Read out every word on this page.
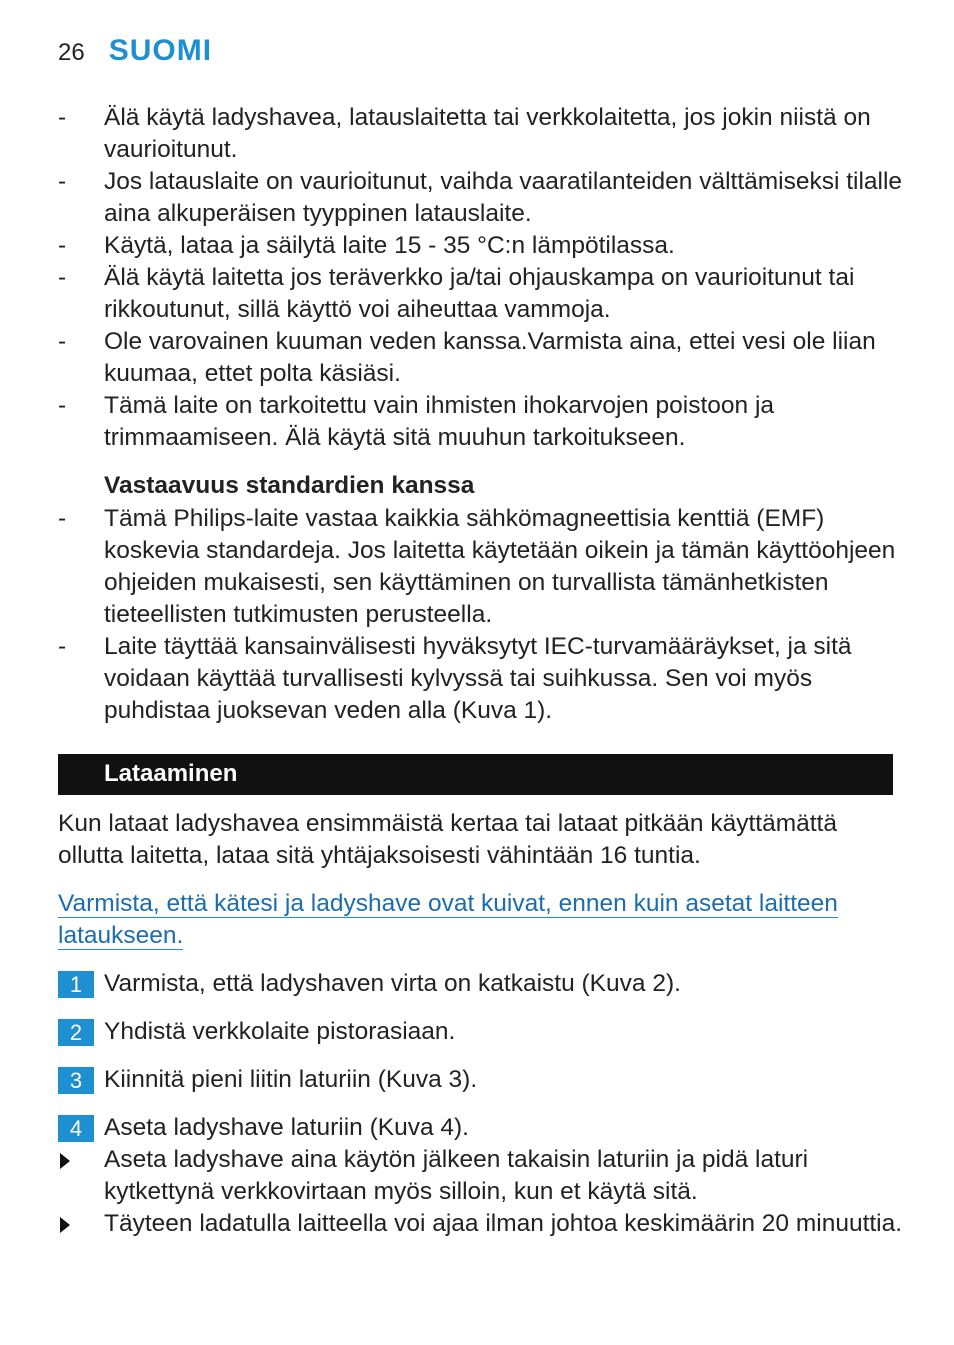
26 SUOMI
- Älä käytä ladyshavea, latauslaitetta tai verkkolaitetta, jos jokin niistä on vaurioitunut.
- Jos latauslaite on vaurioitunut, vaihda vaaratilanteiden välttämiseksi tilalle aina alkuperäisen tyyppinen latauslaite.
- Käytä, lataa ja säilytä laite 15 - 35 °C:n lämpötilassa.
- Älä käytä laitetta jos teräverkko ja/tai ohjauskampa on vaurioitunut tai rikkoutunut, sillä käyttö voi aiheuttaa vammoja.
- Ole varovainen kuuman veden kanssa.Varmista aina, ettei vesi ole liian kuumaa, ettet polta käsiäsi.
- Tämä laite on tarkoitettu vain ihmisten ihokarvojen poistoon ja trimmaamiseen. Älä käytä sitä muuhun tarkoitukseen.
Vastaavuus standardien kanssa
- Tämä Philips-laite vastaa kaikkia sähkömagneettisia kenttiä (EMF) koskevia standardeja. Jos laitetta käytetään oikein ja tämän käyttöohjeen ohjeiden mukaisesti, sen käyttäminen on turvallista tämänhetkisten tieteellisten tutkimusten perusteella.
- Laite täyttää kansainvälisesti hyväksytyt IEC-turvamääräykset, ja sitä voidaan käyttää turvallisesti kylvyssä tai suihkussa. Sen voi myös puhdistaa juoksevan veden alla (Kuva 1).
Lataaminen
Kun lataat ladyshavea ensimmäistä kertaa tai lataat pitkään käyttämättä ollutta laitetta, lataa sitä yhtäjaksoisesti vähintään 16 tuntia.
Varmista, että kätesi ja ladyshave ovat kuivat, ennen kuin asetat laitteen
lataukseen.
1 Varmista, että ladyshaven virta on katkaistu (Kuva 2).
2 Yhdistä verkkolaite pistorasiaan.
3 Kiinnitä pieni liitin laturiin (Kuva 3).
4 Aseta ladyshave laturiin (Kuva 4).
Aseta ladyshave aina käytön jälkeen takaisin laturiin ja pidä laturi kytkettynä verkkovirtaan myös silloin, kun et käytä sitä.
Täyteen ladatulla laitteella voi ajaa ilman johtoa keskimäärin 20 minuuttia.
